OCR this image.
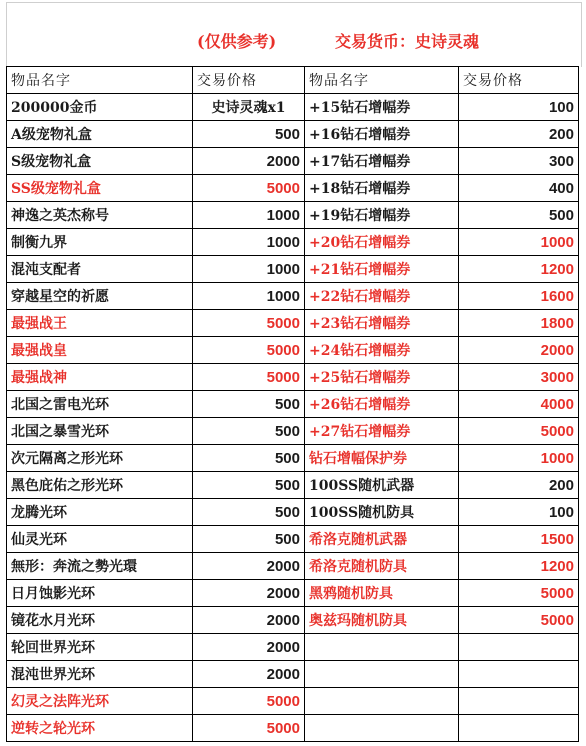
(仅供参考)	交易货币：史诗灵魂
物品名字	交易价格	物品名字	交易价格
200000金币	史诗灵魂x1	+15钻石增幅券	100
A级宠物礼盒	500	+16钻石增幅券	200
S级宠物礼盒	2000	+17钻石增幅券	300
SS级宠物礼盒	5000	+18钻石增幅券	400
神逸之英杰称号	1000	+19钻石增幅券	500
制衡九界	1000	+20钻石增幅券	1000
混沌支配者	1000	+21钻石增幅券	1200
穿越星空的祈愿	1000	+22钻石增幅券	1600
最强战王	5000	+23钻石增幅券	1800
最强战皇	5000	+24钻石增幅券	2000
最强战神	5000	+25钻石增幅券	3000
北国之雷电光环	500	+26钻石增幅券	4000
北国之暴雪光环	500	+27钻石增幅券	5000
次元隔离之形光环	500	钻石增幅保护券	1000
黑色庇佑之形光环	500	100SS随机武器	200
龙腾光环	500	100SS随机防具	100
仙灵光环	500	希洛克随机武器	1500
無形：奔流之勢光環	2000	希洛克随机防具	1200
日月蚀影光环	2000	黑鸦随机防具	5000
镜花水月光环	2000	奥兹玛随机防具	5000
轮回世界光环	2000		
混沌世界光环	2000		
幻灵之法阵光环	5000		
逆转之轮光环	5000		
